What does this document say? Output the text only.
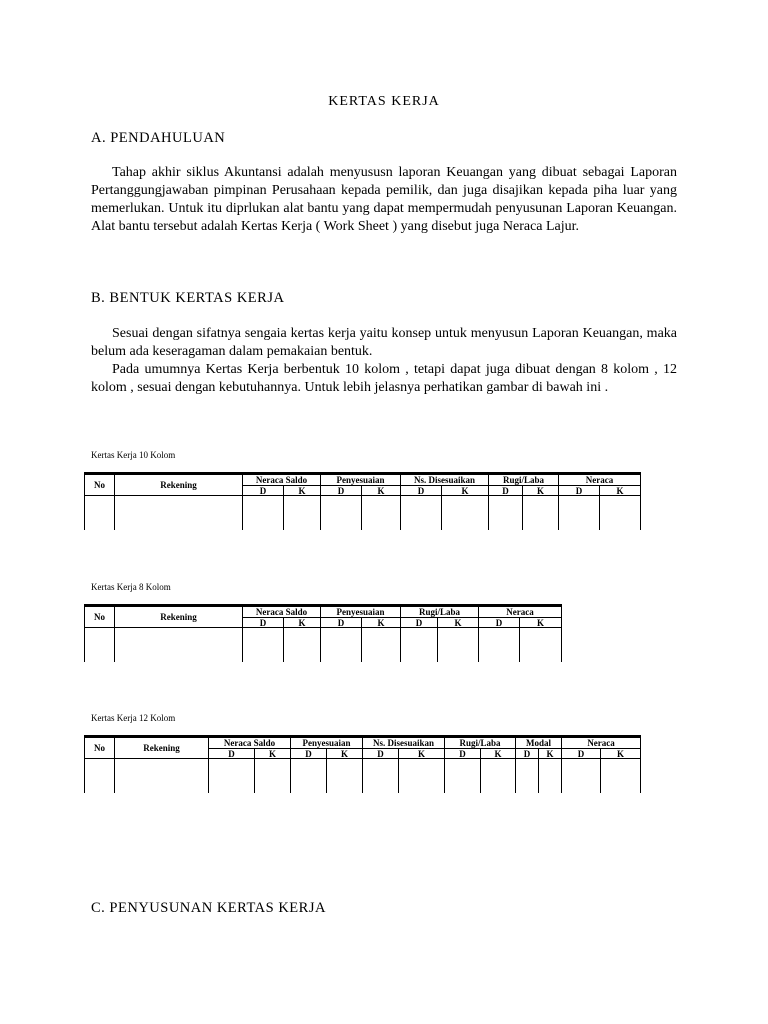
KERTAS KERJA
A. PENDAHULUAN

Tahap akhir siklus Akuntansi adalah menyususn laporan Keuangan yang dibuat sebagai Laporan Pertanggungjawaban pimpinan Perusahaan kepada pemilik, dan juga disajikan kepada piha luar yang memerlukan. Untuk itu diprlukan alat bantu yang dapat mempermudah penyusunan Laporan Keuangan. Alat bantu tersebut adalah Kertas Kerja ( Work Sheet ) yang disebut juga Neraca Lajur.

B. BENTUK KERTAS KERJA

Sesuai dengan sifatnya sengaia kertas kerja yaitu konsep untuk menyusun Laporan Keuangan, maka belum ada keseragaman dalam pemakaian bentuk.

Pada umumnya Kertas Kerja berbentuk 10 kolom , tetapi dapat juga dibuat dengan 8 kolom , 12 kolom , sesuai dengan kebutuhannya. Untuk lebih jelasnya perhatikan gambar di bawah ini .

Kertas Kerja 10 Kolom
No	Rekening	Neraca Saldo		Penyesuaian		Ns. Disesuaikan		Rugi/Laba		Neraca	
		D	K	D	K	D	K	D	K	D	K

Kertas Kerja 8 Kolom
No	Rekening	Neraca Saldo		Penyesuaian		Rugi/Laba		Neraca	
		D	K	D	K	D	K	D	K

Kertas Kerja 12 Kolom
No	Rekening	Neraca Saldo		Penyesuaian		Ns. Disesuaikan		Rugi/Laba		Modal		Neraca	
		D	K	D	K	D	K	D	K	D	K	D	K

C. PENYUSUNAN KERTAS KERJA
